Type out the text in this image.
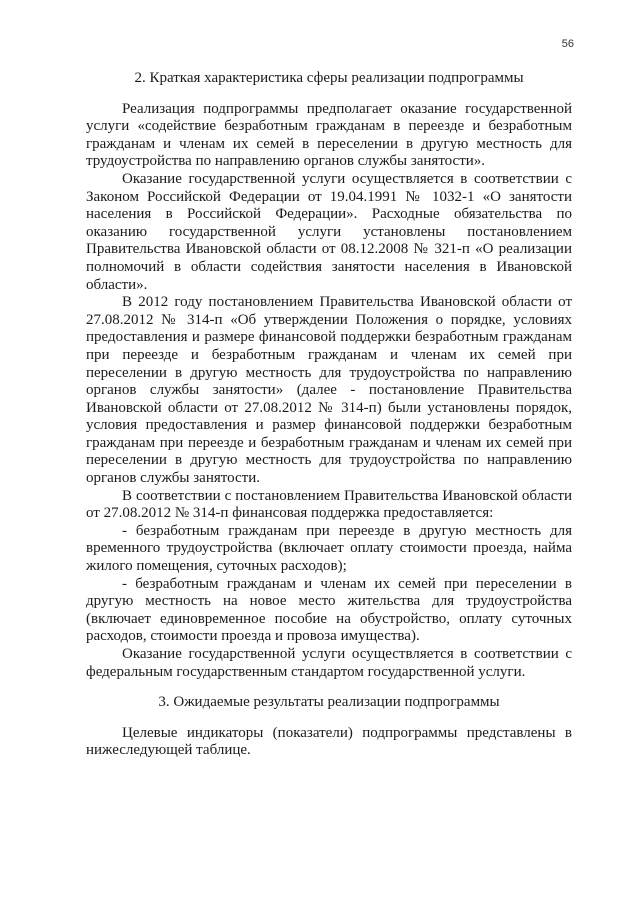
56
2. Краткая характеристика сферы реализации подпрограммы

Реализация подпрограммы предполагает оказание государственной услуги «содействие безработным гражданам в переезде и безработным гражданам и членам их семей в переселении в другую местность для трудоустройства по направлению органов службы занятости».

Оказание государственной услуги осуществляется в соответствии с Законом Российской Федерации от 19.04.1991 № 1032-1 «О занятости населения в Российской Федерации». Расходные обязательства по оказанию государственной услуги установлены постановлением Правительства Ивановской области от 08.12.2008 № 321-п «О реализации полномочий в области содействия занятости населения в Ивановской области».

В 2012 году постановлением Правительства Ивановской области от 27.08.2012 № 314-п «Об утверждении Положения о порядке, условиях предоставления и размере финансовой поддержки безработным гражданам при переезде и безработным гражданам и членам их семей при переселении в другую местность для трудоустройства по направлению органов службы занятости» (далее - постановление Правительства Ивановской области от 27.08.2012 № 314-п) были установлены порядок, условия предоставления и размер финансовой поддержки безработным гражданам при переезде и безработным гражданам и членам их семей при переселении в другую местность для трудоустройства по направлению органов службы занятости.

В соответствии с постановлением Правительства Ивановской области от 27.08.2012 № 314-п финансовая поддержка предоставляется:

- безработным гражданам при переезде в другую местность для временного трудоустройства (включает оплату стоимости проезда, найма жилого помещения, суточных расходов);

- безработным гражданам и членам их семей при переселении в другую местность на новое место жительства для трудоустройства (включает единовременное пособие на обустройство, оплату суточных расходов, стоимости проезда и провоза имущества).

Оказание государственной услуги осуществляется в соответствии с федеральным государственным стандартом государственной услуги.

3. Ожидаемые результаты реализации подпрограммы

Целевые индикаторы (показатели) подпрограммы представлены в нижеследующей таблице.
